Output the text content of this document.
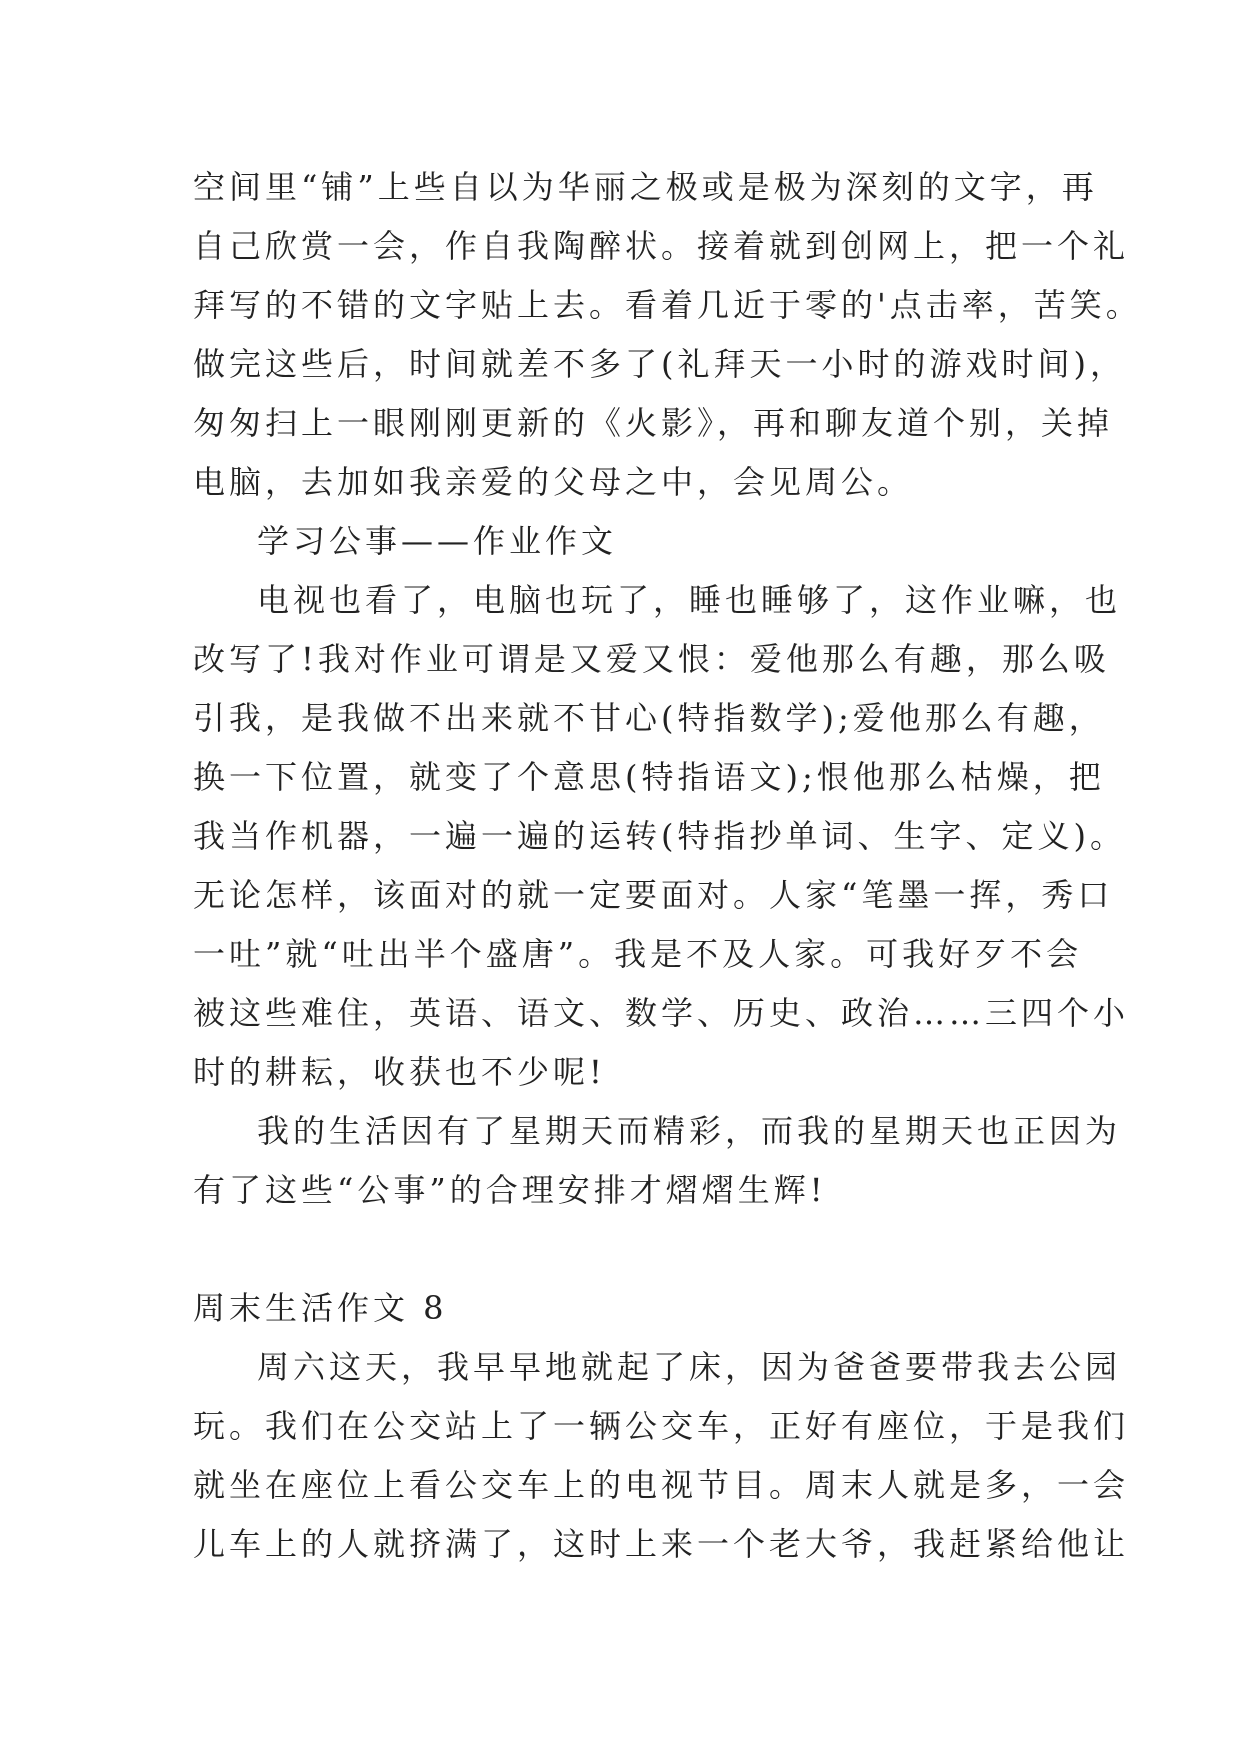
空间里“铺”上些自以为华丽之极或是极为深刻的文字，再
自己欣赏一会，作自我陶醉状。接着就到创网上，把一个礼
拜写的不错的文字贴上去。看着几近于零的'点击率，苦笑。
做完这些后，时间就差不多了(礼拜天一小时的游戏时间)，
匆匆扫上一眼刚刚更新的《火影》，再和聊友道个别，关掉
电脑，去加如我亲爱的父母之中，会见周公。
学习公事——作业作文
电视也看了，电脑也玩了，睡也睡够了，这作业嘛，也
改写了!我对作业可谓是又爱又恨：爱他那么有趣，那么吸
引我，是我做不出来就不甘心(特指数学);爱他那么有趣，
换一下位置，就变了个意思(特指语文);恨他那么枯燥，把
我当作机器，一遍一遍的运转(特指抄单词、生字、定义)。
无论怎样，该面对的就一定要面对。人家“笔墨一挥，秀口
一吐”就“吐出半个盛唐”。我是不及人家。可我好歹不会
被这些难住，英语、语文、数学、历史、政治……三四个小
时的耕耘，收获也不少呢!
我的生活因有了星期天而精彩，而我的星期天也正因为
有了这些“公事”的合理安排才熠熠生辉!
周末生活作文 8
周六这天，我早早地就起了床，因为爸爸要带我去公园
玩。我们在公交站上了一辆公交车，正好有座位，于是我们
就坐在座位上看公交车上的电视节目。周末人就是多，一会
儿车上的人就挤满了，这时上来一个老大爷，我赶紧给他让
